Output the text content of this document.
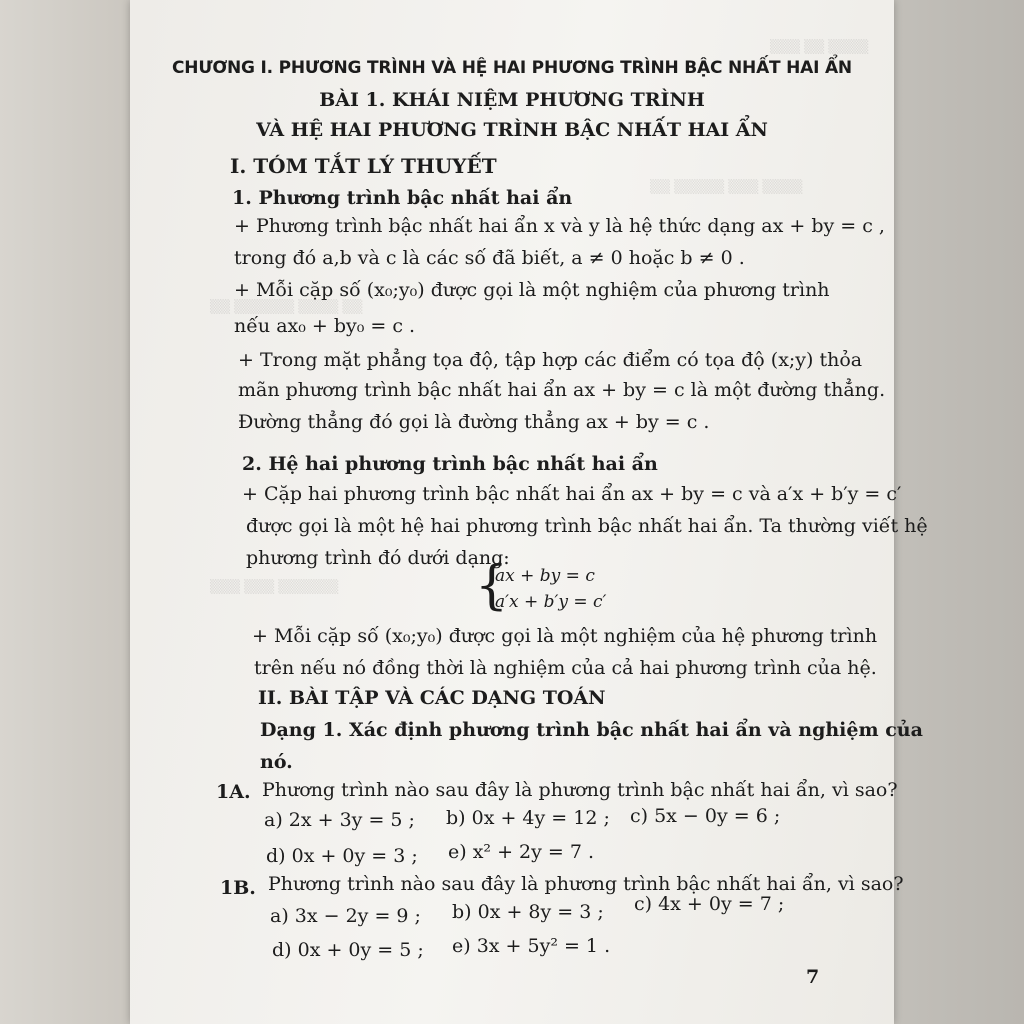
▒▒▒ ▒▒ ▒▒▒▒
▒▒ ▒▒▒▒▒ ▒▒▒ ▒▒▒▒
▒▒ ▒▒▒▒▒▒ ▒▒▒▒ ▒▒
▒▒▒ ▒▒▒ ▒▒▒▒▒▒
CHƯƠNG I. PHƯƠNG TRÌNH VÀ HỆ HAI PHƯƠNG TRÌNH BẬC NHẤT HAI ẨN
BÀI 1. KHÁI NIỆM PHƯƠNG TRÌNH
VÀ HỆ HAI PHƯƠNG TRÌNH BẬC NHẤT HAI ẨN
I. TÓM TẮT LÝ THUYẾT
1. Phương trình bậc nhất hai ẩn
+ Phương trình bậc nhất hai ẩn x và y là hệ thức dạng ax + by = c ,
trong đó a,b và c là các số đã biết, a ≠ 0 hoặc b ≠ 0 .
+ Mỗi cặp số (x₀;y₀) được gọi là một nghiệm của phương trình
nếu ax₀ + by₀ = c .
+ Trong mặt phẳng tọa độ, tập hợp các điểm có tọa độ (x;y) thỏa
mãn phương trình bậc nhất hai ẩn ax + by = c là một đường thẳng.
Đường thẳng đó gọi là đường thẳng ax + by = c .
2. Hệ hai phương trình bậc nhất hai ẩn
+ Cặp hai phương trình bậc nhất hai ẩn ax + by = c và a′x + b′y = c′
được gọi là một hệ hai phương trình bậc nhất hai ẩn. Ta thường viết hệ
phương trình đó dưới dạng:
{
ax + by = c
a′x + b′y = c′
+ Mỗi cặp số (x₀;y₀) được gọi là một nghiệm của hệ phương trình
trên nếu nó đồng thời là nghiệm của cả hai phương trình của hệ.
II. BÀI TẬP VÀ CÁC DẠNG TOÁN
Dạng 1. Xác định phương trình bậc nhất hai ẩn và nghiệm của
nó.
1A. Phương trình nào sau đây là phương trình bậc nhất hai ẩn, vì sao?
a) 2x + 3y = 5 ; b) 0x + 4y = 12 ; c) 5x − 0y = 6 ;
d) 0x + 0y = 3 ; e) x² + 2y = 7 .
1B. Phương trình nào sau đây là phương trình bậc nhất hai ẩn, vì sao?
a) 3x − 2y = 9 ; b) 0x + 8y = 3 ; c) 4x + 0y = 7 ;
d) 0x + 0y = 5 ; e) 3x + 5y² = 1 .
7
